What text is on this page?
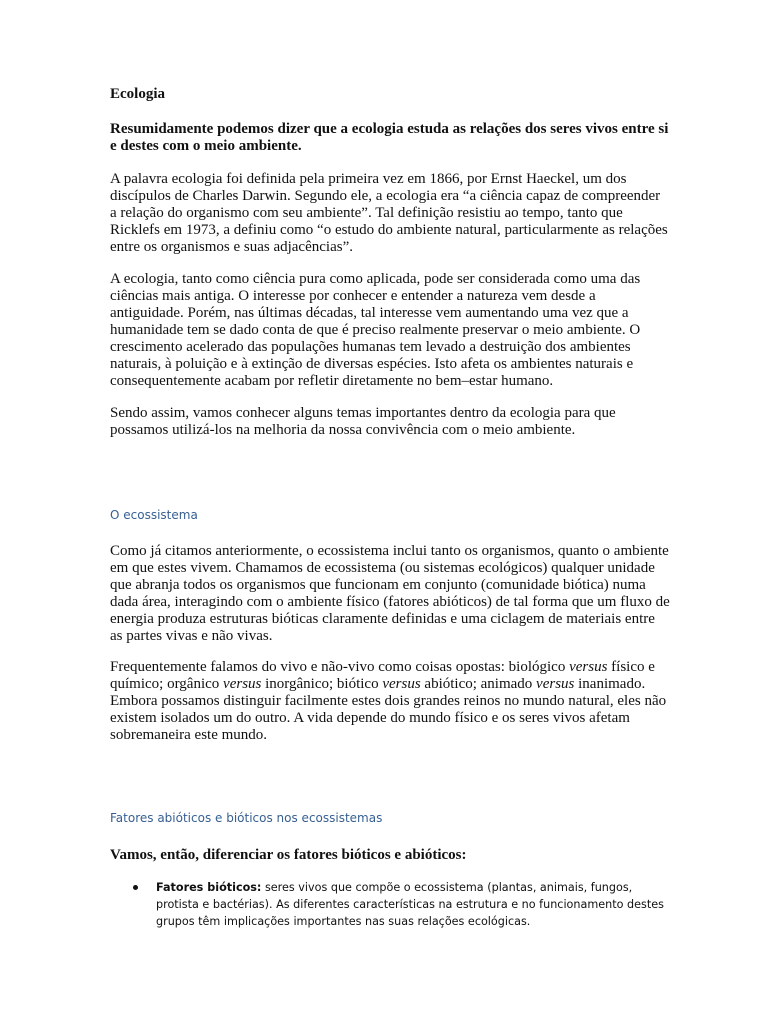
Ecologia

Resumidamente podemos dizer que a ecologia estuda as relações dos seres vivos entre si e destes com o meio ambiente.

A palavra ecologia foi definida pela primeira vez em 1866, por Ernst Haeckel, um dos discípulos de Charles Darwin. Segundo ele, a ecologia era “a ciência capaz de compreender a relação do organismo com seu ambiente”. Tal definição resistiu ao tempo, tanto que Ricklefs em 1973, a definiu como “o estudo do ambiente natural, particularmente as relações entre os organismos e suas adjacências”.

A ecologia, tanto como ciência pura como aplicada, pode ser considerada como uma das ciências mais antiga. O interesse por conhecer e entender a natureza vem desde a antiguidade. Porém, nas últimas décadas, tal interesse vem aumentando uma vez que a humanidade tem se dado conta de que é preciso realmente preservar o meio ambiente. O crescimento acelerado das populações humanas tem levado a destruição dos ambientes naturais, à poluição e à extinção de diversas espécies. Isto afeta os ambientes naturais e consequentemente acabam por refletir diretamente no bem–estar humano.

Sendo assim, vamos conhecer alguns temas importantes dentro da ecologia para que possamos utilizá-los na melhoria da nossa convivência com o meio ambiente.

O ecossistema

Como já citamos anteriormente, o ecossistema inclui tanto os organismos, quanto o ambiente em que estes vivem. Chamamos de ecossistema (ou sistemas ecológicos) qualquer unidade que abranja todos os organismos que funcionam em conjunto (comunidade biótica) numa dada área, interagindo com o ambiente físico (fatores abióticos) de tal forma que um fluxo de energia produza estruturas bióticas claramente definidas e uma ciclagem de materiais entre as partes vivas e não vivas.

Frequentemente falamos do vivo e não-vivo como coisas opostas: biológico versus físico e químico; orgânico versus inorgânico; biótico versus abiótico; animado versus inanimado. Embora possamos distinguir facilmente estes dois grandes reinos no mundo natural, eles não existem isolados um do outro. A vida depende do mundo físico e os seres vivos afetam sobremaneira este mundo.

Fatores abióticos e bióticos nos ecossistemas

Vamos, então, diferenciar os fatores bióticos e abióticos:

Fatores bióticos: seres vivos que compõe o ecossistema (plantas, animais, fungos, protista e bactérias). As diferentes características na estrutura e no funcionamento destes grupos têm implicações importantes nas suas relações ecológicas.
